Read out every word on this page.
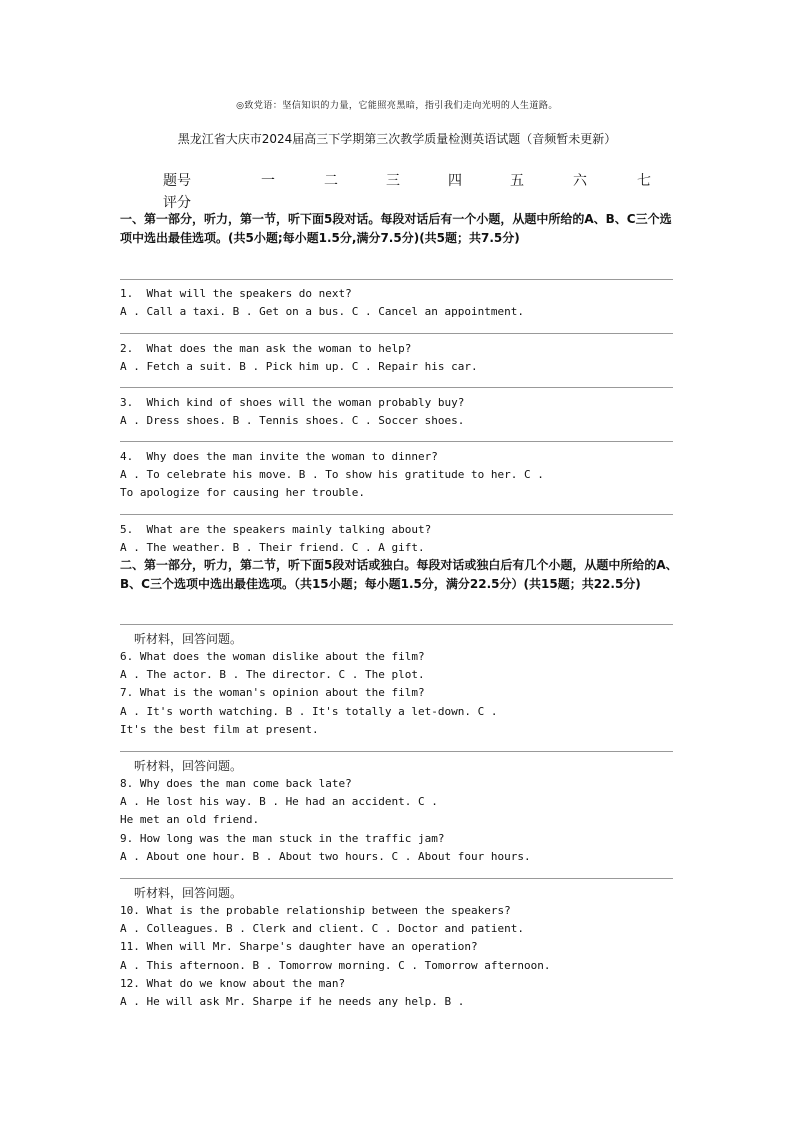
◎致党语：坚信知识的力量，它能照亮黑暗，指引我们走向光明的人生道路。
黑龙江省大庆市2024届高三下学期第三次教学质量检测英语试题（音频暂未更新）
题号	一	二	三	四	五	六	七
评分
一、第一部分，听力，第一节，听下面5段对话。每段对话后有一个小题，从题中所给的A、B、C三个选项中选出最佳选项。(共5小题;每小题1.5分,满分7.5分)(共5题；共7.5分)
1.  What will the speakers do next?
A . Call a taxi. B . Get on a bus. C . Cancel an appointment.
2.  What does the man ask the woman to help?
A . Fetch a suit. B . Pick him up. C . Repair his car.
3.  Which kind of shoes will the woman probably buy?
A . Dress shoes. B . Tennis shoes. C . Soccer shoes.
4.  Why does the man invite the woman to dinner?
A . To celebrate his move. B . To show his gratitude to her. C .
To apologize for causing her trouble.
5.  What are the speakers mainly talking about?
A . The weather. B . Their friend. C . A gift.
二、第一部分，听力，第二节，听下面5段对话或独白。每段对话或独白后有几个小题，从题中所给的A、B、C三个选项中选出最佳选项。（共15小题；每小题1.5分，满分22.5分）(共15题；共22.5分)
听材料，回答问题。
6. What does the woman dislike about the film?
A . The actor. B . The director. C . The plot.
7. What is the woman's opinion about the film?
A . It's worth watching. B . It's totally a let-down. C .
It's the best film at present.
听材料，回答问题。
8. Why does the man come back late?
A . He lost his way. B . He had an accident. C .
He met an old friend.
9. How long was the man stuck in the traffic jam?
A . About one hour. B . About two hours. C . About four hours.
听材料，回答问题。
10. What is the probable relationship between the speakers?
A . Colleagues. B . Clerk and client. C . Doctor and patient.
11. When will Mr. Sharpe's daughter have an operation?
A . This afternoon. B . Tomorrow morning. C . Tomorrow afternoon.
12. What do we know about the man?
A . He will ask Mr. Sharpe if he needs any help. B .
